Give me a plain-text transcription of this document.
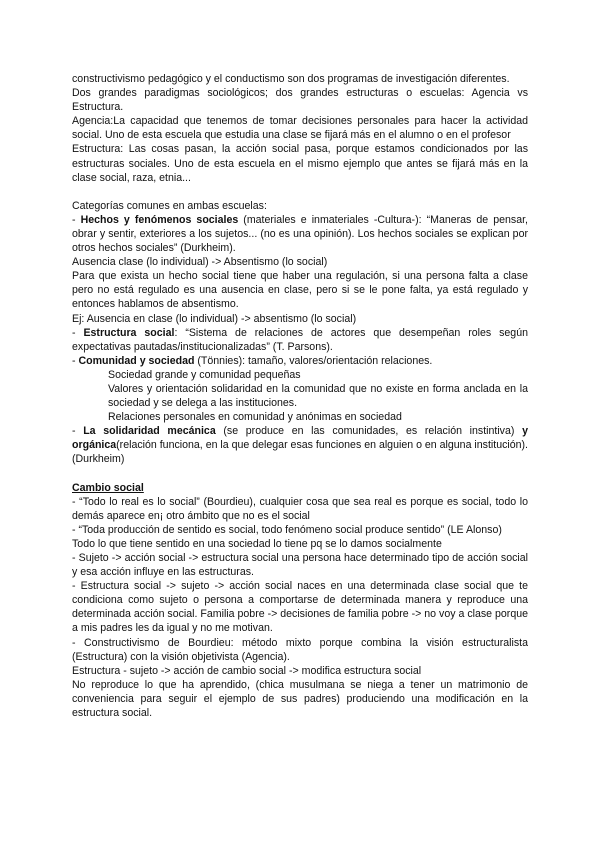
constructivismo pedagógico y el conductismo son dos programas de investigación diferentes.

Dos grandes paradigmas sociológicos; dos grandes estructuras o escuelas: Agencia vs Estructura.

Agencia:La capacidad que tenemos de tomar decisiones personales para hacer la actividad social. Uno de esta escuela que estudia una clase se fijará más en el alumno o en el profesor

Estructura: Las cosas pasan, la acción social pasa, porque estamos condicionados por las estructuras sociales. Uno de esta escuela en el mismo ejemplo que antes se fijará más en la clase social, raza, etnia...

Categorías comunes en ambas escuelas:

- Hechos y fenómenos sociales (materiales e inmateriales -Cultura-): “Maneras de pensar, obrar y sentir, exteriores a los sujetos... (no es una opinión). Los hechos sociales se explican por otros hechos sociales” (Durkheim).

Ausencia clase (lo individual) -> Absentismo (lo social)

Para que exista un hecho social tiene que haber una regulación, si una persona falta a clase pero no está regulado es una ausencia en clase, pero si se le pone falta, ya está regulado y entonces hablamos de absentismo.

Ej: Ausencia en clase (lo individual) -> absentismo (lo social)

- Estructura social: “Sistema de relaciones de actores que desempeñan roles según expectativas pautadas/institucionalizadas” (T. Parsons).

- Comunidad y sociedad (Tönnies): tamaño, valores/orientación relaciones.

Sociedad grande y comunidad pequeñas

Valores y orientación solidaridad en la comunidad que no existe en forma anclada en la sociedad y se delega a las instituciones.

Relaciones personales en comunidad y anónimas en sociedad

- La solidaridad mecánica (se produce en las comunidades, es relación instintiva) y orgánica(relación funciona, en la que delegar esas funciones en alguien o en alguna institución). (Durkheim)

Cambio social

- “Todo lo real es lo social” (Bourdieu), cualquier cosa que sea real es porque es social, todo lo demás aparece en¡ otro ámbito que no es el social

- “Toda producción de sentido es social, todo fenómeno social produce sentido” (LE Alonso)

Todo lo que tiene sentido en una sociedad lo tiene pq se lo damos socialmente

- Sujeto -> acción social -> estructura social una persona hace determinado tipo de acción social y esa acción influye en las estructuras.

- Estructura social -> sujeto -> acción social naces en una determinada clase social que te condiciona como sujeto o persona a comportarse de determinada manera y reproduce una determinada acción social. Familia pobre -> decisiones de familia pobre -> no voy a clase porque a mis padres les da igual y no me motivan.

- Constructivismo de Bourdieu: método mixto porque combina la visión estructuralista (Estructura) con la visión objetivista (Agencia).

Estructura - sujeto -> acción de cambio social -> modifica estructura social

No reproduce lo que ha aprendido, (chica musulmana se niega a tener un matrimonio de conveniencia para seguir el ejemplo de sus padres) produciendo una modificación en la estructura social.
